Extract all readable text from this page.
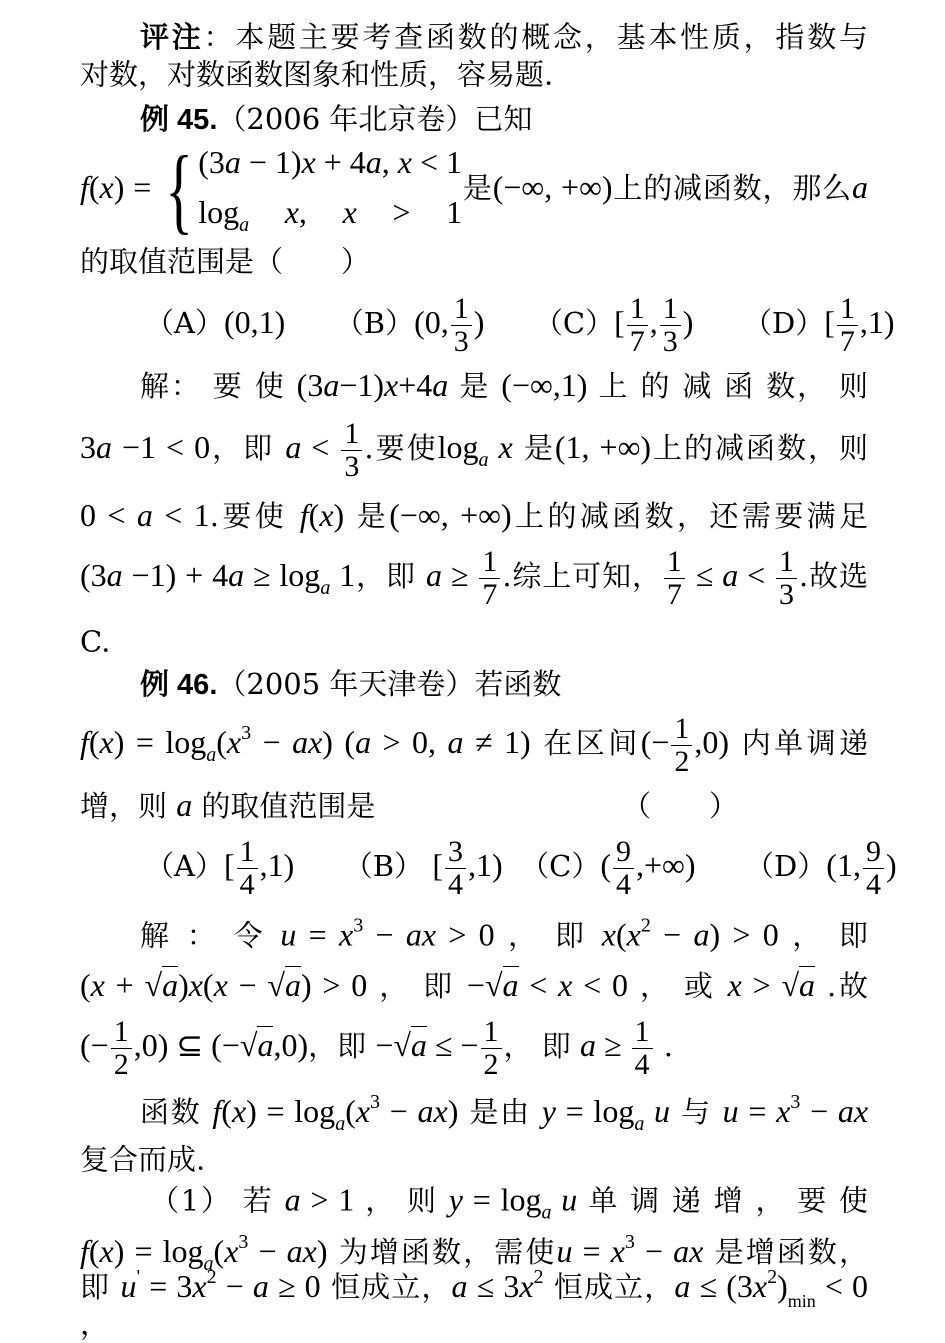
评注：本题主要考查函数的概念，基本性质，指数与
对数，对数函数图象和性质，容易题.
例 45.（2006 年北京卷）已知
f(x) = { (3a − 1)x + 4a, x < 1
$\log_a x$, x > 1
是(−∞, +∞)上的减函数，那么a
的取值范围是（　　）
（A）(0,1)　　（B）(0, $\frac{1}{3}$ )　　$(C)[ \frac{1}{7}$ , $\frac{1}{3}$ )　　$(D)[ \frac{1}{7} ,1)$
解： 要 使 (3a−1)x+4a 是 (−∞,1) 上 的 减 函 数， 则
3a −1 < 0，即 $a < \frac{1}{3}$ .要使$\log_a x$ 是(1, +∞)上的减函数，则
0 < a < 1.要使 f(x) 是(−∞, +∞)上的减函数，还需要满足
$(3a -1) + 4a \ge \log_a 1$，即 $a \ge \frac{1}{7}$ .综上可知， $\frac{1}{7} \le a < \frac{1}{3}$ .故选
C.
例 46.（2005 年天津卷）若函数
$f(x) = \log_a(x^3 - ax) (a > 0$, a ≠ 1) 在区间(− $\frac{1}{2} ,0$) 内单调递
增，则 a 的取值范围是　　　　　　　　　（　　）
$(A)[ \frac{1}{4} ,1)$　　（B） [ $\frac{3}{4} ,1$)　$(C)( \frac{9}{4}$ ,+∞)　　（D）(1, $\frac{9}{4}$ )
解 ： 令 $u = x^3$ − ax > 0 ， 即 $x(x^2 - a) > 0$ ， 即
(x + √a)x(x − √a) > 0 ， 即 −√a < x < 0 ， 或 x > √a .故
(− $\frac{1}{2} ,0$) ⊆ (−√a,0)，即 −√a ≤ − $\frac{1}{2}$ ， 即 $a \ge \frac{1}{4}$ .
函数 $f(x) = \log_a(x^3 - ax)$ 是由 $y = \log_a u$ 与 $u = x^3$ − ax
复合而成.
（1） 若 a > 1 ， 则 $y = \log_a u$ 单 调 递 增 ， 要 使
$f(x) = \log_a(x^3 - ax)$ 为增函数，需使$u = x^3$ − ax 是增函数，
即 $u' = 3x^2 - a \ge 0$ 恒成立，$a \le 3x^2$ 恒成立，$a \le (3x^2)_{min} < 0$ ，
